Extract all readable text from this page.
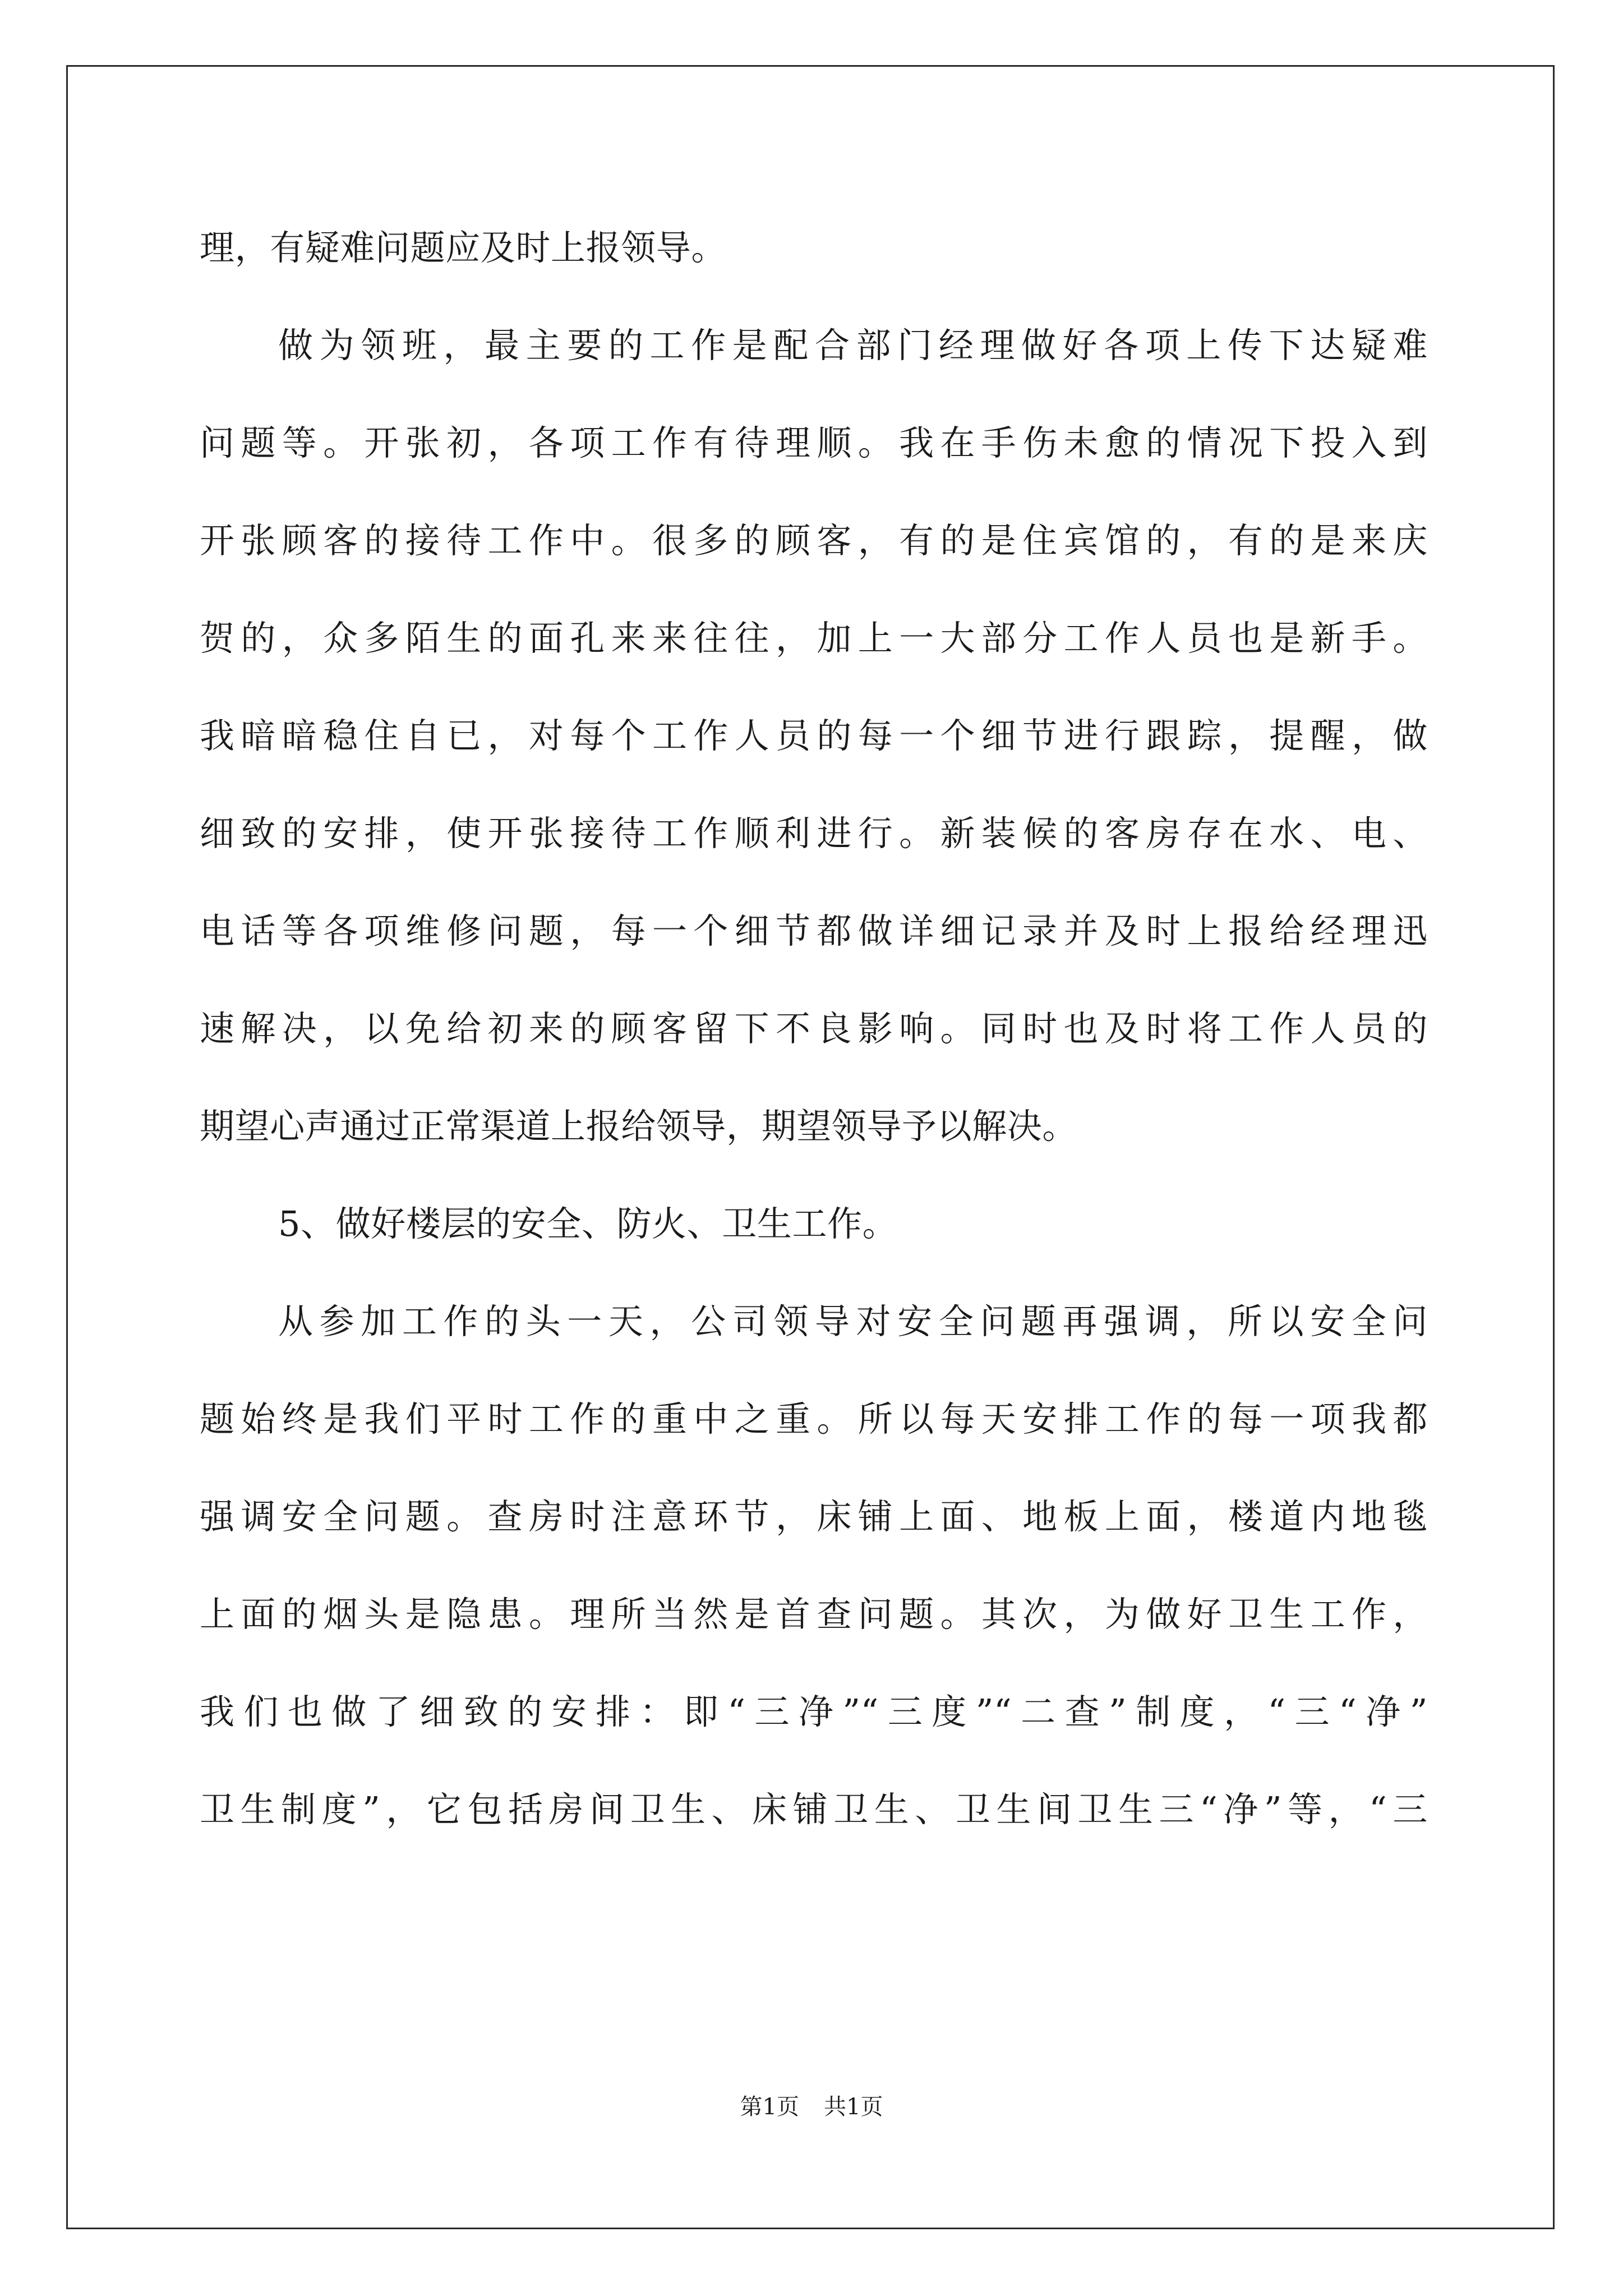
理，有疑难问题应及时上报领导。
做为领班，最主要的工作是配合部门经理做好各项上传下达疑难
问题等。开张初，各项工作有待理顺。我在手伤未愈的情况下投入到
开张顾客的接待工作中。很多的顾客，有的是住宾馆的，有的是来庆
贺的，众多陌生的面孔来来往往，加上一大部分工作人员也是新手。
我暗暗稳住自已，对每个工作人员的每一个细节进行跟踪，提醒，做
细致的安排，使开张接待工作顺利进行。新装候的客房存在水、电、
电话等各项维修问题，每一个细节都做详细记录并及时上报给经理迅
速解决，以免给初来的顾客留下不良影响。同时也及时将工作人员的
期望心声通过正常渠道上报给领导，期望领导予以解决。
5、做好楼层的安全、防火、卫生工作。
从参加工作的头一天，公司领导对安全问题再强调，所以安全问
题始终是我们平时工作的重中之重。所以每天安排工作的每一项我都
强调安全问题。查房时注意环节，床铺上面、地板上面，楼道内地毯
上面的烟头是隐患。理所当然是首查问题。其次，为做好卫生工作，
我们也做了细致的安排：即“三净”“三度”“二查”制度，“三“净”
卫生制度”，它包括房间卫生、床铺卫生、卫生间卫生三“净”等，“三
第1页 共1页
